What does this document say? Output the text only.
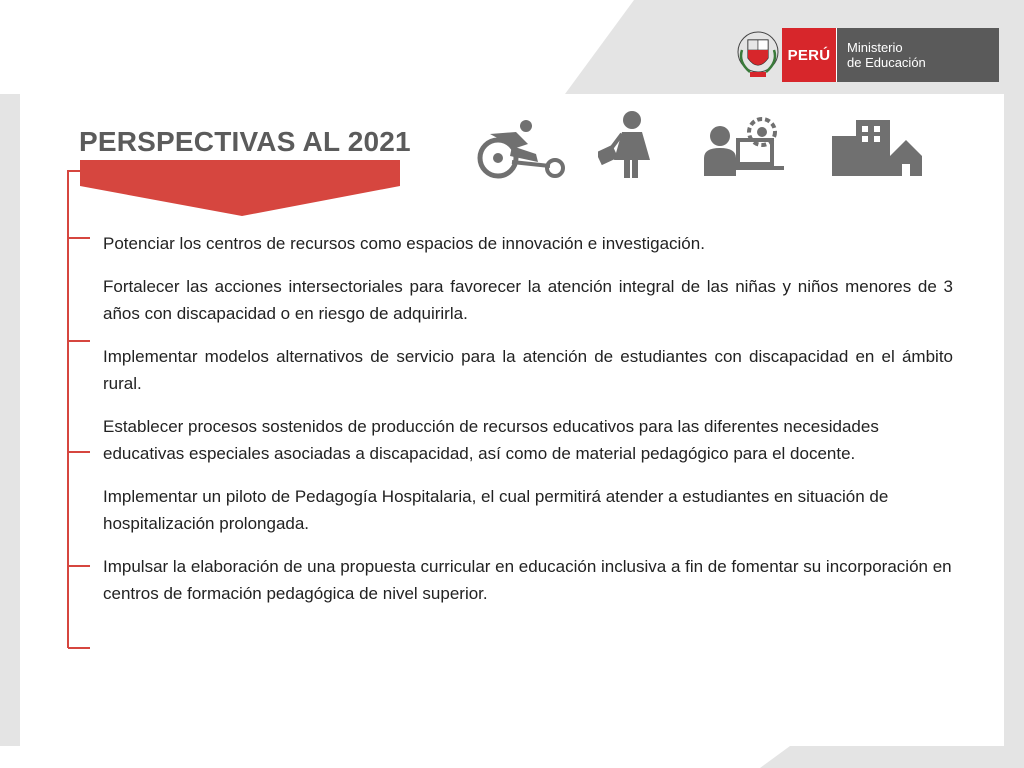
PERÚ	Ministerio
de Educación
PERSPECTIVAS AL 2021

Potenciar los centros de recursos como espacios de innovación e investigación.

Fortalecer las acciones intersectoriales para favorecer la atención integral de las niñas y niños menores de 3 años con discapacidad o en riesgo de adquirirla.

Implementar modelos alternativos de servicio para la atención de estudiantes con discapacidad en el ámbito rural.

Establecer procesos sostenidos de producción de recursos educativos para las diferentes necesidades educativas especiales asociadas a discapacidad, así como de material pedagógico para el docente.

Implementar un piloto de Pedagogía Hospitalaria, el cual permitirá atender a estudiantes en situación de hospitalización prolongada.

Impulsar la elaboración de una propuesta curricular en educación inclusiva a fin de fomentar su incorporación en centros de formación pedagógica de nivel superior.
